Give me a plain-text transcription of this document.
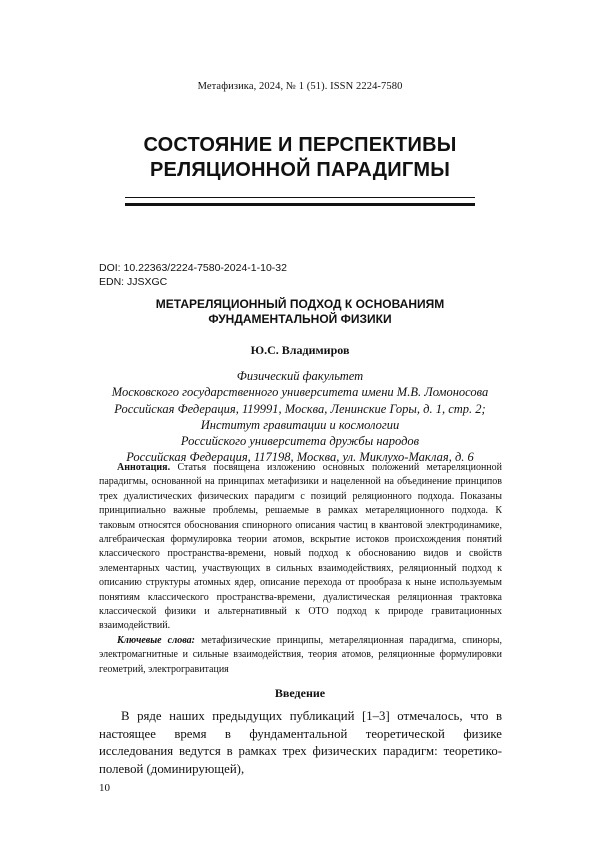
Метафизика, 2024, № 1 (51). ISSN 2224-7580
СОСТОЯНИЕ И ПЕРСПЕКТИВЫ
РЕЛЯЦИОННОЙ ПАРАДИГМЫ
DOI: 10.22363/2224-7580-2024-1-10-32
EDN: JJSXGC
МЕТАРЕЛЯЦИОННЫЙ ПОДХОД К ОСНОВАНИЯМ
ФУНДАМЕНТАЛЬНОЙ ФИЗИКИ
Ю.С. Владимиров
Физический факультет
Московского государственного университета имени М.В. Ломоносова
Российская Федерация, 119991, Москва, Ленинские Горы, д. 1, стр. 2;
Институт гравитации и космологии
Российского университета дружбы народов
Российская Федерация, 117198, Москва, ул. Миклухо-Маклая, д. 6

Аннотация. Статья посвящена изложению основных положений метареляционной парадигмы, основанной на принципах метафизики и нацеленной на объединение принципов трех дуалистических физических парадигм с позиций реляционного подхода. Показаны принципиально важные проблемы, решаемые в рамках метареляционного подхода. К таковым относятся обоснования спинорного описания частиц в квантовой электродинамике, алгебраическая формулировка теории атомов, вскрытие истоков происхождения понятий классического пространства-времени, новый подход к обоснованию видов и свойств элементарных частиц, участвующих в сильных взаимодействиях, реляционный подход к описанию структуры атомных ядер, описание перехода от прообраза к ныне используемым понятиям классического пространства-времени, дуалистическая реляционная трактовка классической физики и альтернативный к ОТО подход к природе гравитационных взаимодействий.

Ключевые слова: метафизические принципы, метареляционная парадигма, спиноры, электромагнитные и сильные взаимодействия, теория атомов, реляционные формулировки геометрий, электрогравитация

Введение

В ряде наших предыдущих публикаций [1–3] отмечалось, что в настоящее время в фундаментальной теоретической физике исследования ведутся в рамках трех физических парадигм: теоретико-полевой (доминирующей),

10
